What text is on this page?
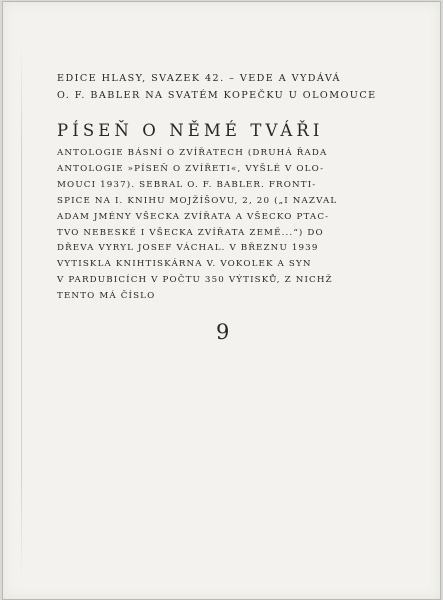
EDICE HLASY, SVAZEK 42. – VEDE A VYDÁVÁ
O. F. BABLER NA SVATÉM KOPEČKU U OLOMOUCE
PÍSEŇ O NĚMÉ TVÁŘI
ANTOLOGIE BÁSNÍ O ZVÍŘATECH (DRUHÁ ŘADA
ANTOLOGIE »PÍSEŇ O ZVÍŘETI«, VYŠLÉ V OLO-
MOUCI 1937). SEBRAL O. F. BABLER. FRONTI-
SPICE NA I. KNIHU MOJŽÍŠOVU, 2, 20 („I NAZVAL
ADAM JMÉNY VŠECKA ZVÍŘATA A VŠECKO PTAC-
TVO NEBESKÉ I VŠECKA ZVÍŘATA ZEMĚ...“) DO
DŘEVA VYRYL JOSEF VÁCHAL. V BŘEZNU 1939
VYTISKLA KNIHTISKÁRNA V. VOKOLEK A SYN
V PARDUBICÍCH V POČTU 350 VÝTISKŮ, Z NICHŽ
TENTO MÁ ČÍSLO
9
